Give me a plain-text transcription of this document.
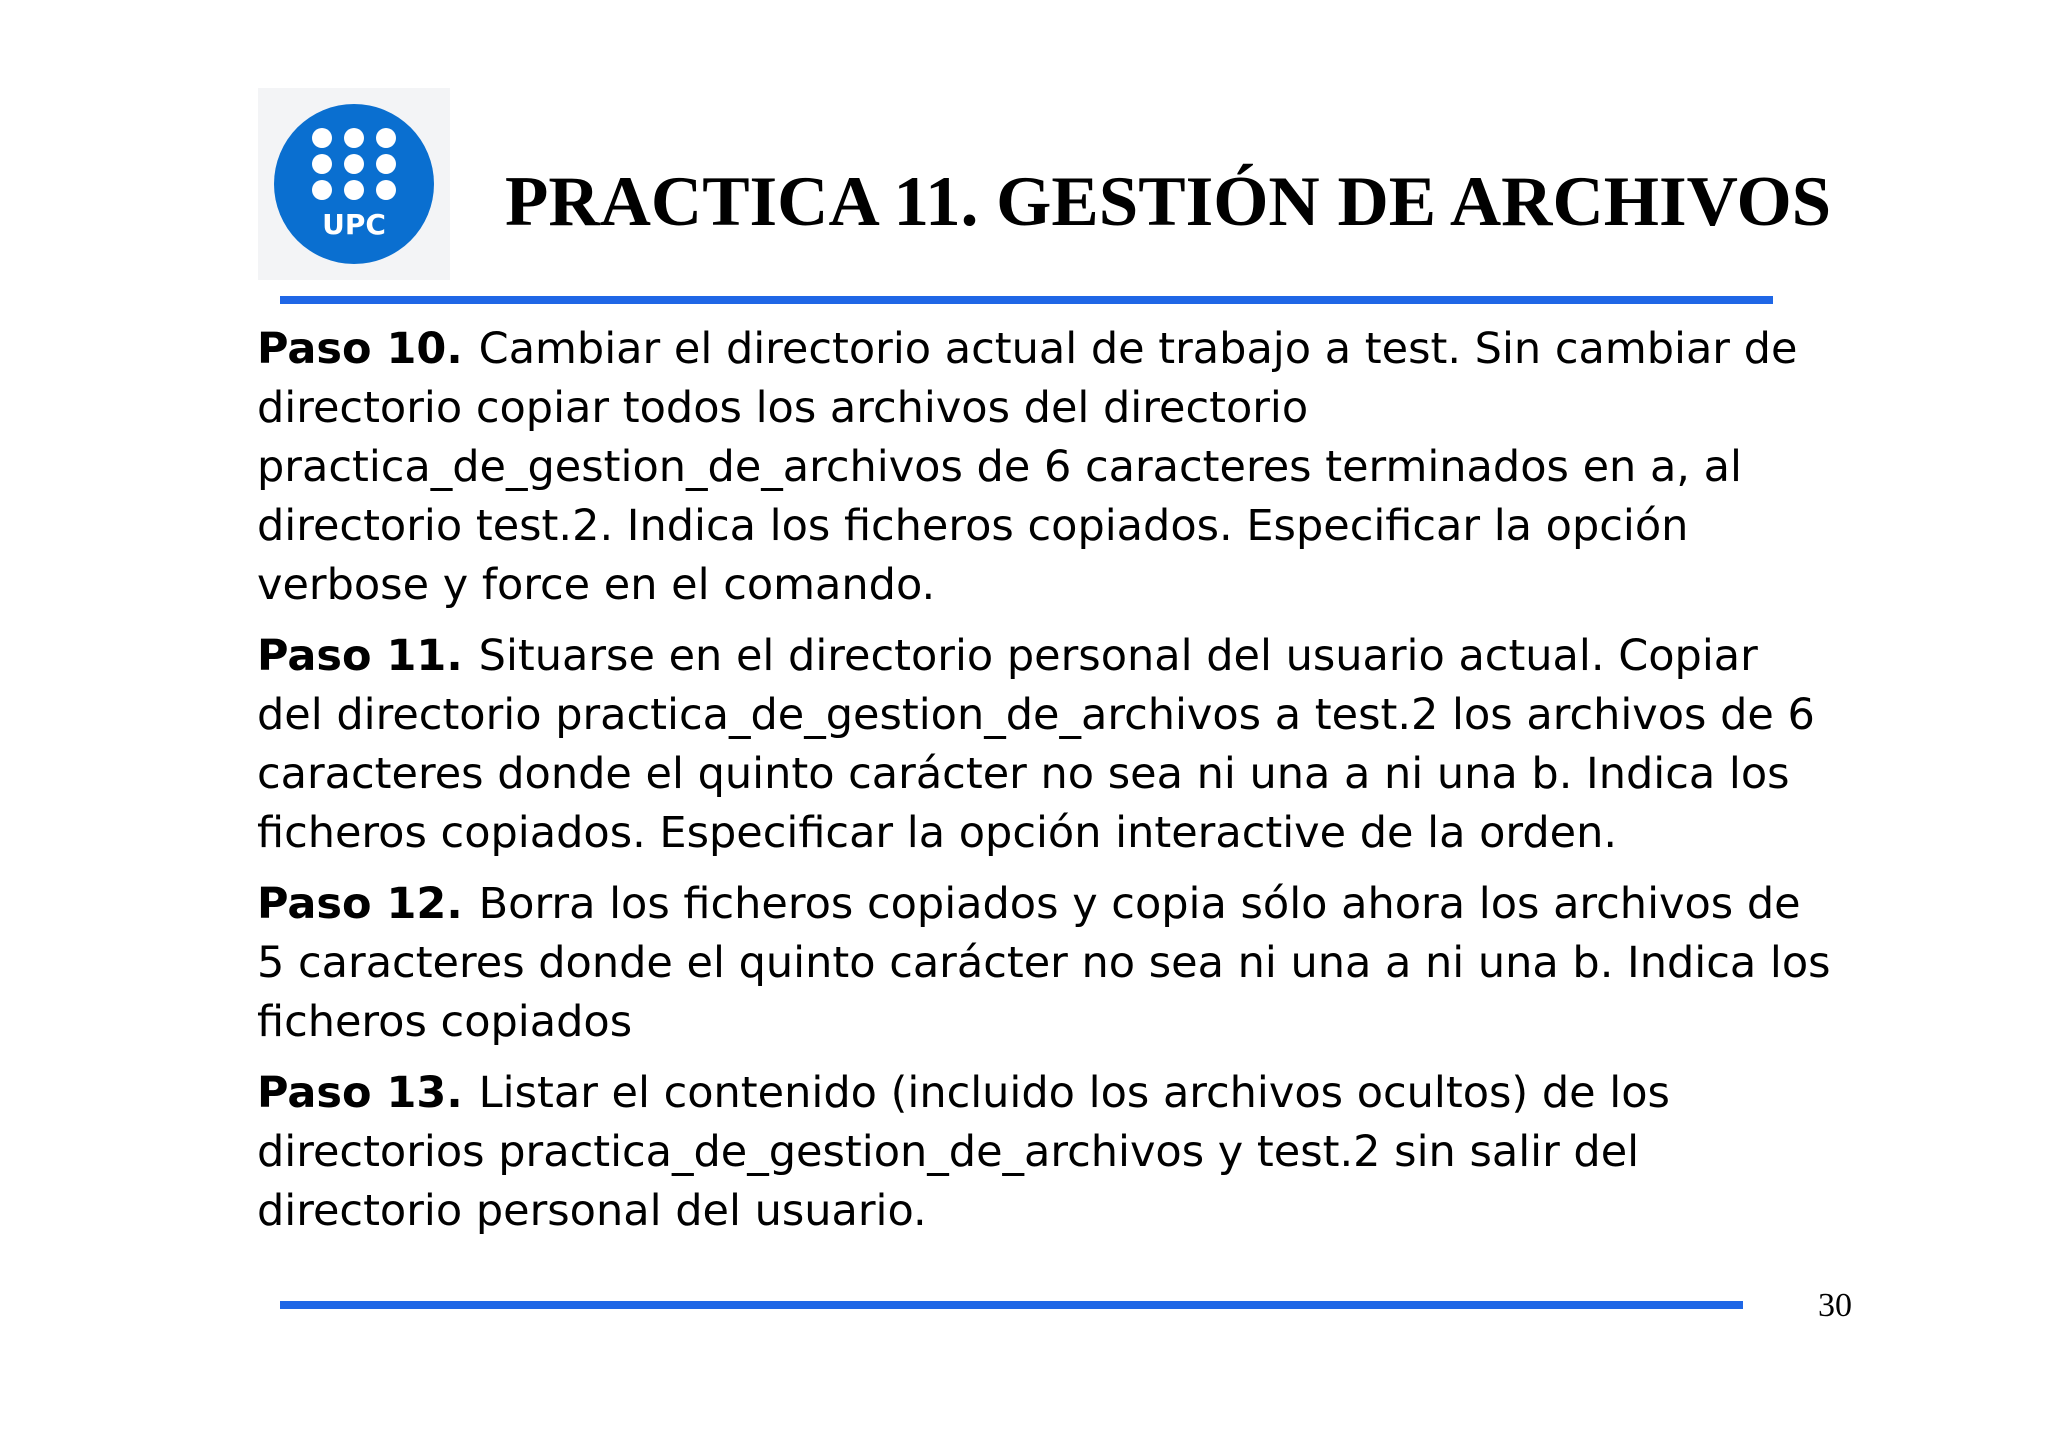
UPC PRACTICA 11. GESTIÓN DE ARCHIVOS

Paso 10. Cambiar el directorio actual de trabajo a test. Sin cambiar de directorio copiar todos los archivos del directorio practica_de_gestion_de_archivos de 6 caracteres terminados en a, al directorio test.2. Indica los ficheros copiados. Especificar la opción verbose y force en el comando.

Paso 11. Situarse en el directorio personal del usuario actual. Copiar del directorio practica_de_gestion_de_archivos a test.2 los archivos de 6 caracteres donde el quinto carácter no sea ni una a ni una b. Indica los ficheros copiados. Especificar la opción interactive de la orden.

Paso 12. Borra los ficheros copiados y copia sólo ahora los archivos de 5 caracteres donde el quinto carácter no sea ni una a ni una b. Indica los ficheros copiados

Paso 13. Listar el contenido (incluido los archivos ocultos) de los directorios practica_de_gestion_de_archivos y test.2 sin salir del directorio personal del usuario.

30
